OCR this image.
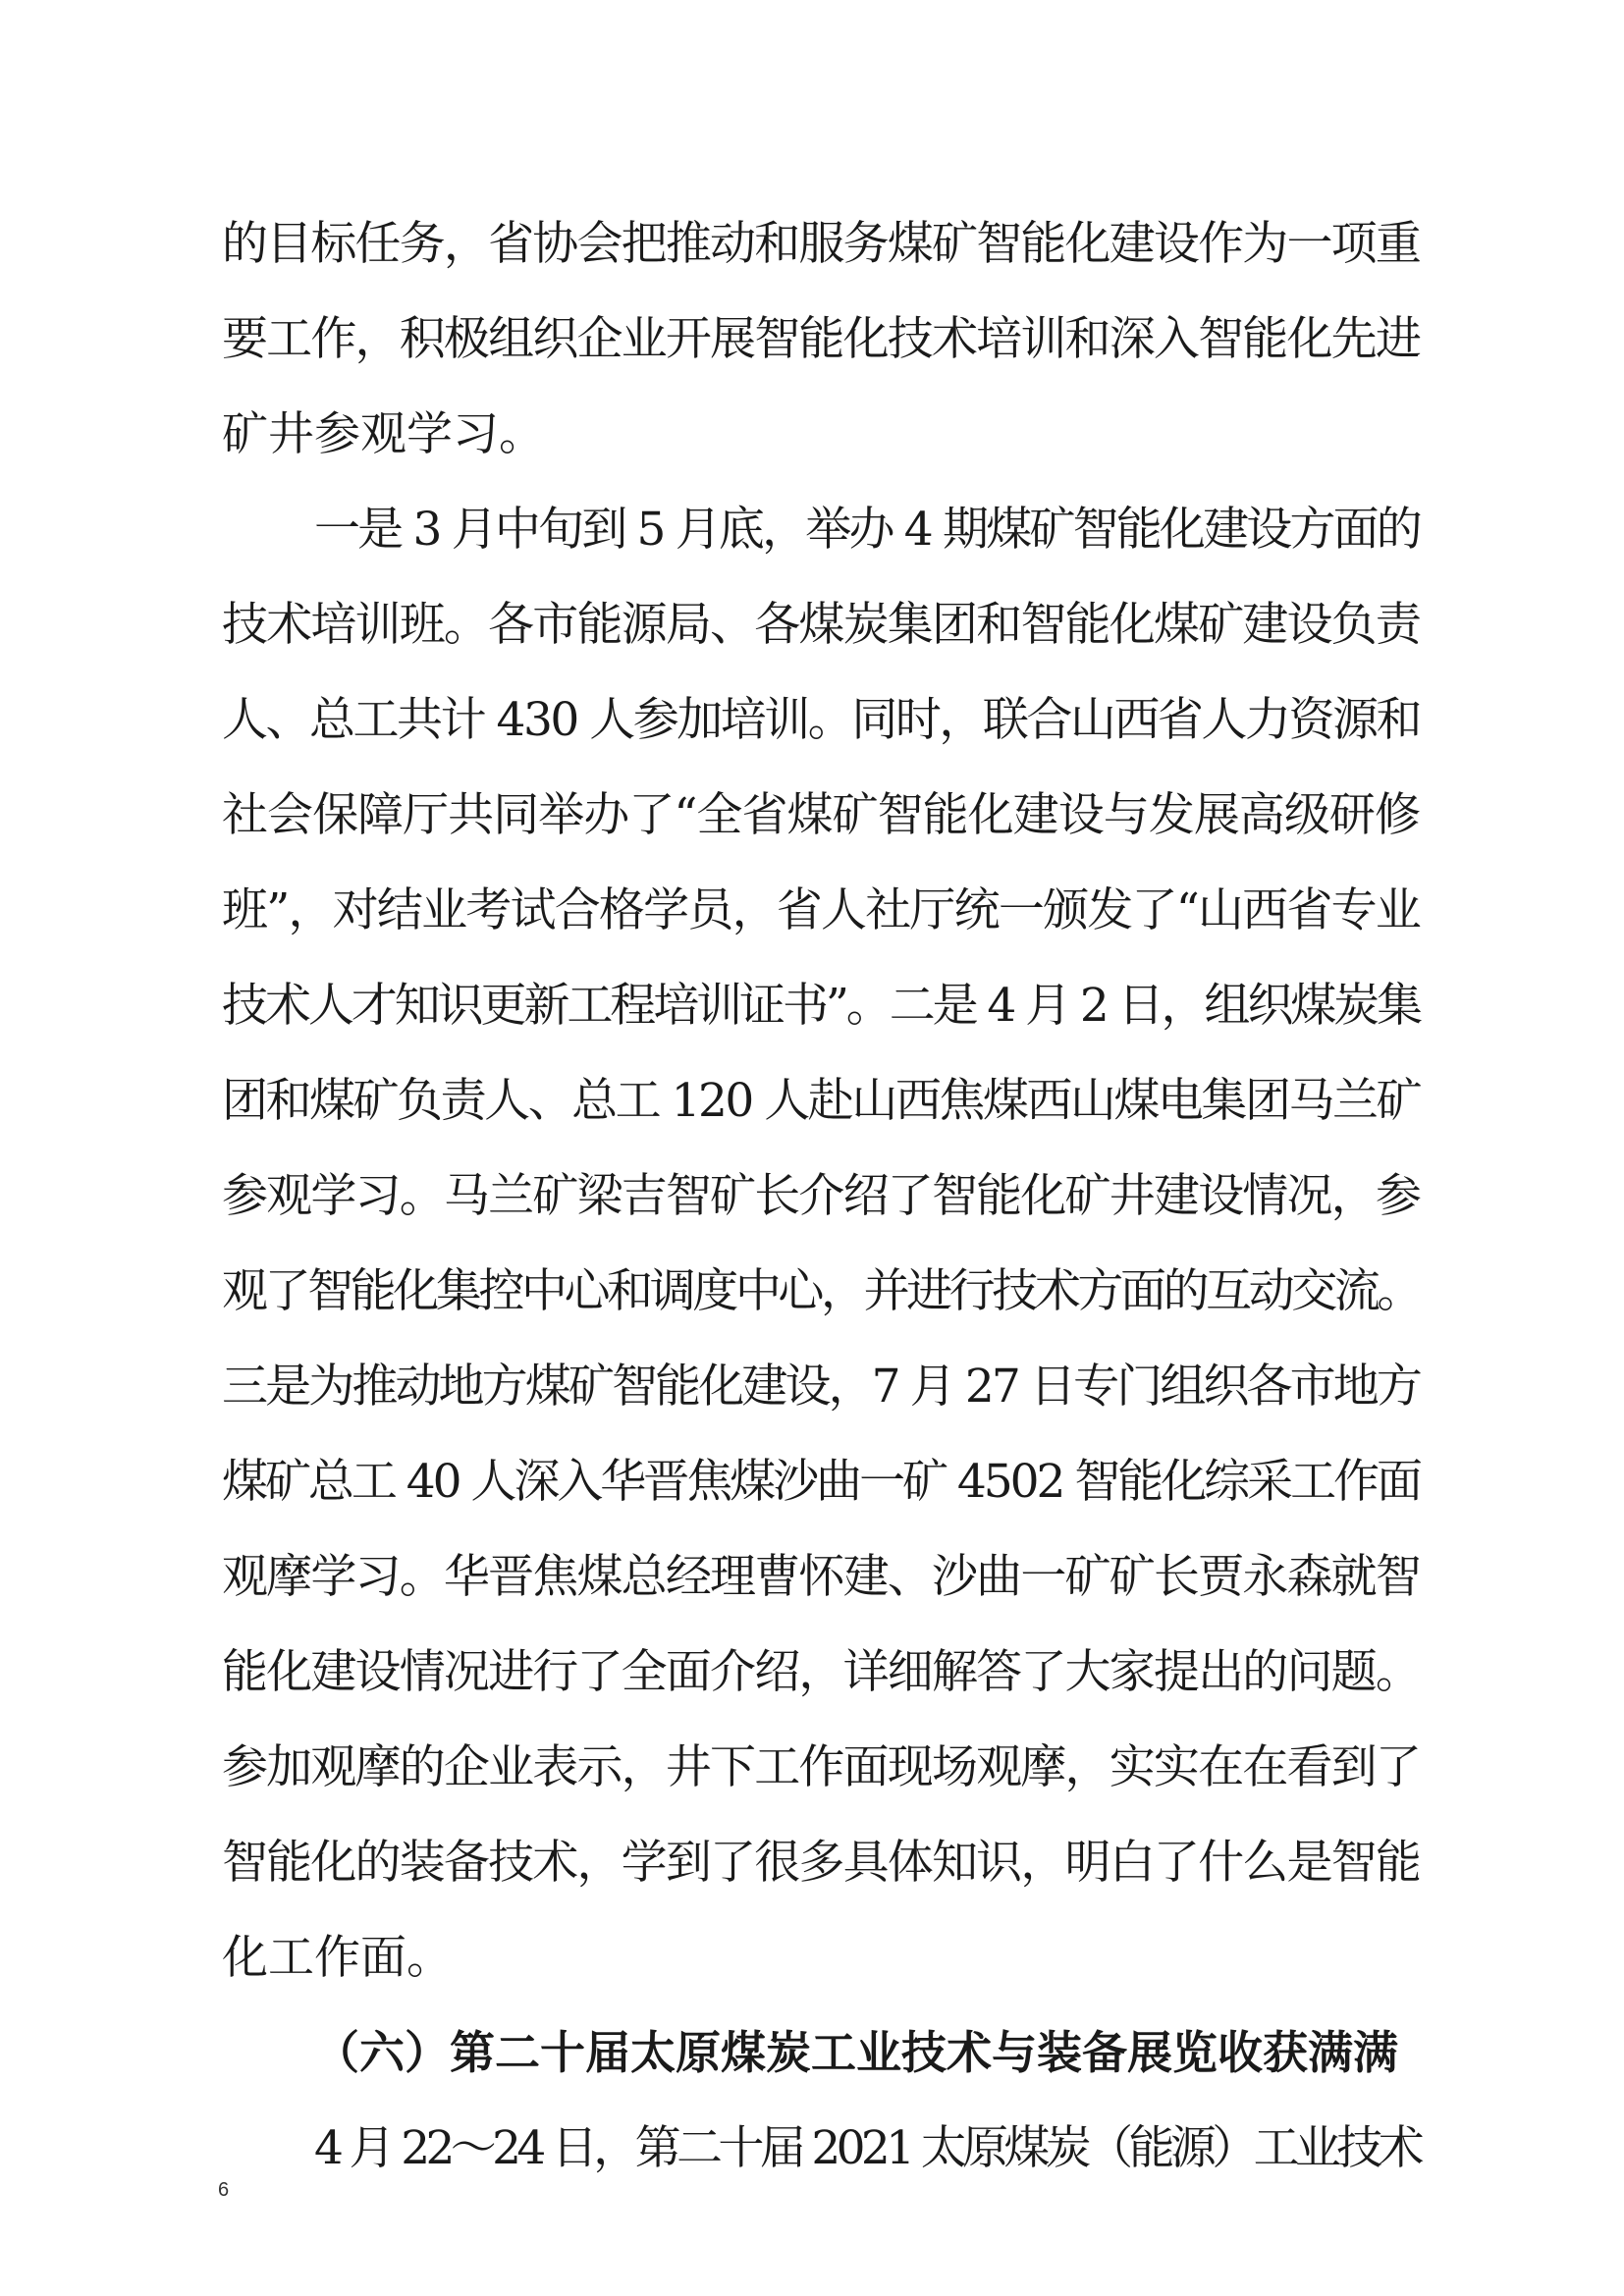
的目标任务，省协会把推动和服务煤矿智能化建设作为一项重
要工作，积极组织企业开展智能化技术培训和深入智能化先进
矿井参观学习。
一是 3 月中旬到 5 月底，举办 4 期煤矿智能化建设方面的
技术培训班。各市能源局、各煤炭集团和智能化煤矿建设负责
人、总工共计 430 人参加培训。同时，联合山西省人力资源和
社会保障厅共同举办了“全省煤矿智能化建设与发展高级研修
班”，对结业考试合格学员，省人社厅统一颁发了“山西省专业
技术人才知识更新工程培训证书”。二是 4 月 2 日，组织煤炭集
团和煤矿负责人、总工 120 人赴山西焦煤西山煤电集团马兰矿
参观学习。马兰矿梁吉智矿长介绍了智能化矿井建设情况，参
观了智能化集控中心和调度中心，并进行技术方面的互动交流。
三是为推动地方煤矿智能化建设，7 月 27 日专门组织各市地方
煤矿总工 40 人深入华晋焦煤沙曲一矿 4502 智能化综采工作面
观摩学习。华晋焦煤总经理曹怀建、沙曲一矿矿长贾永森就智
能化建设情况进行了全面介绍，详细解答了大家提出的问题。
参加观摩的企业表示，井下工作面现场观摩，实实在在看到了
智能化的装备技术，学到了很多具体知识，明白了什么是智能
化工作面。
（六）第二十届太原煤炭工业技术与装备展览收获满满
4 月 22～24 日，第二十届 2021 太原煤炭（能源）工业技术
6
